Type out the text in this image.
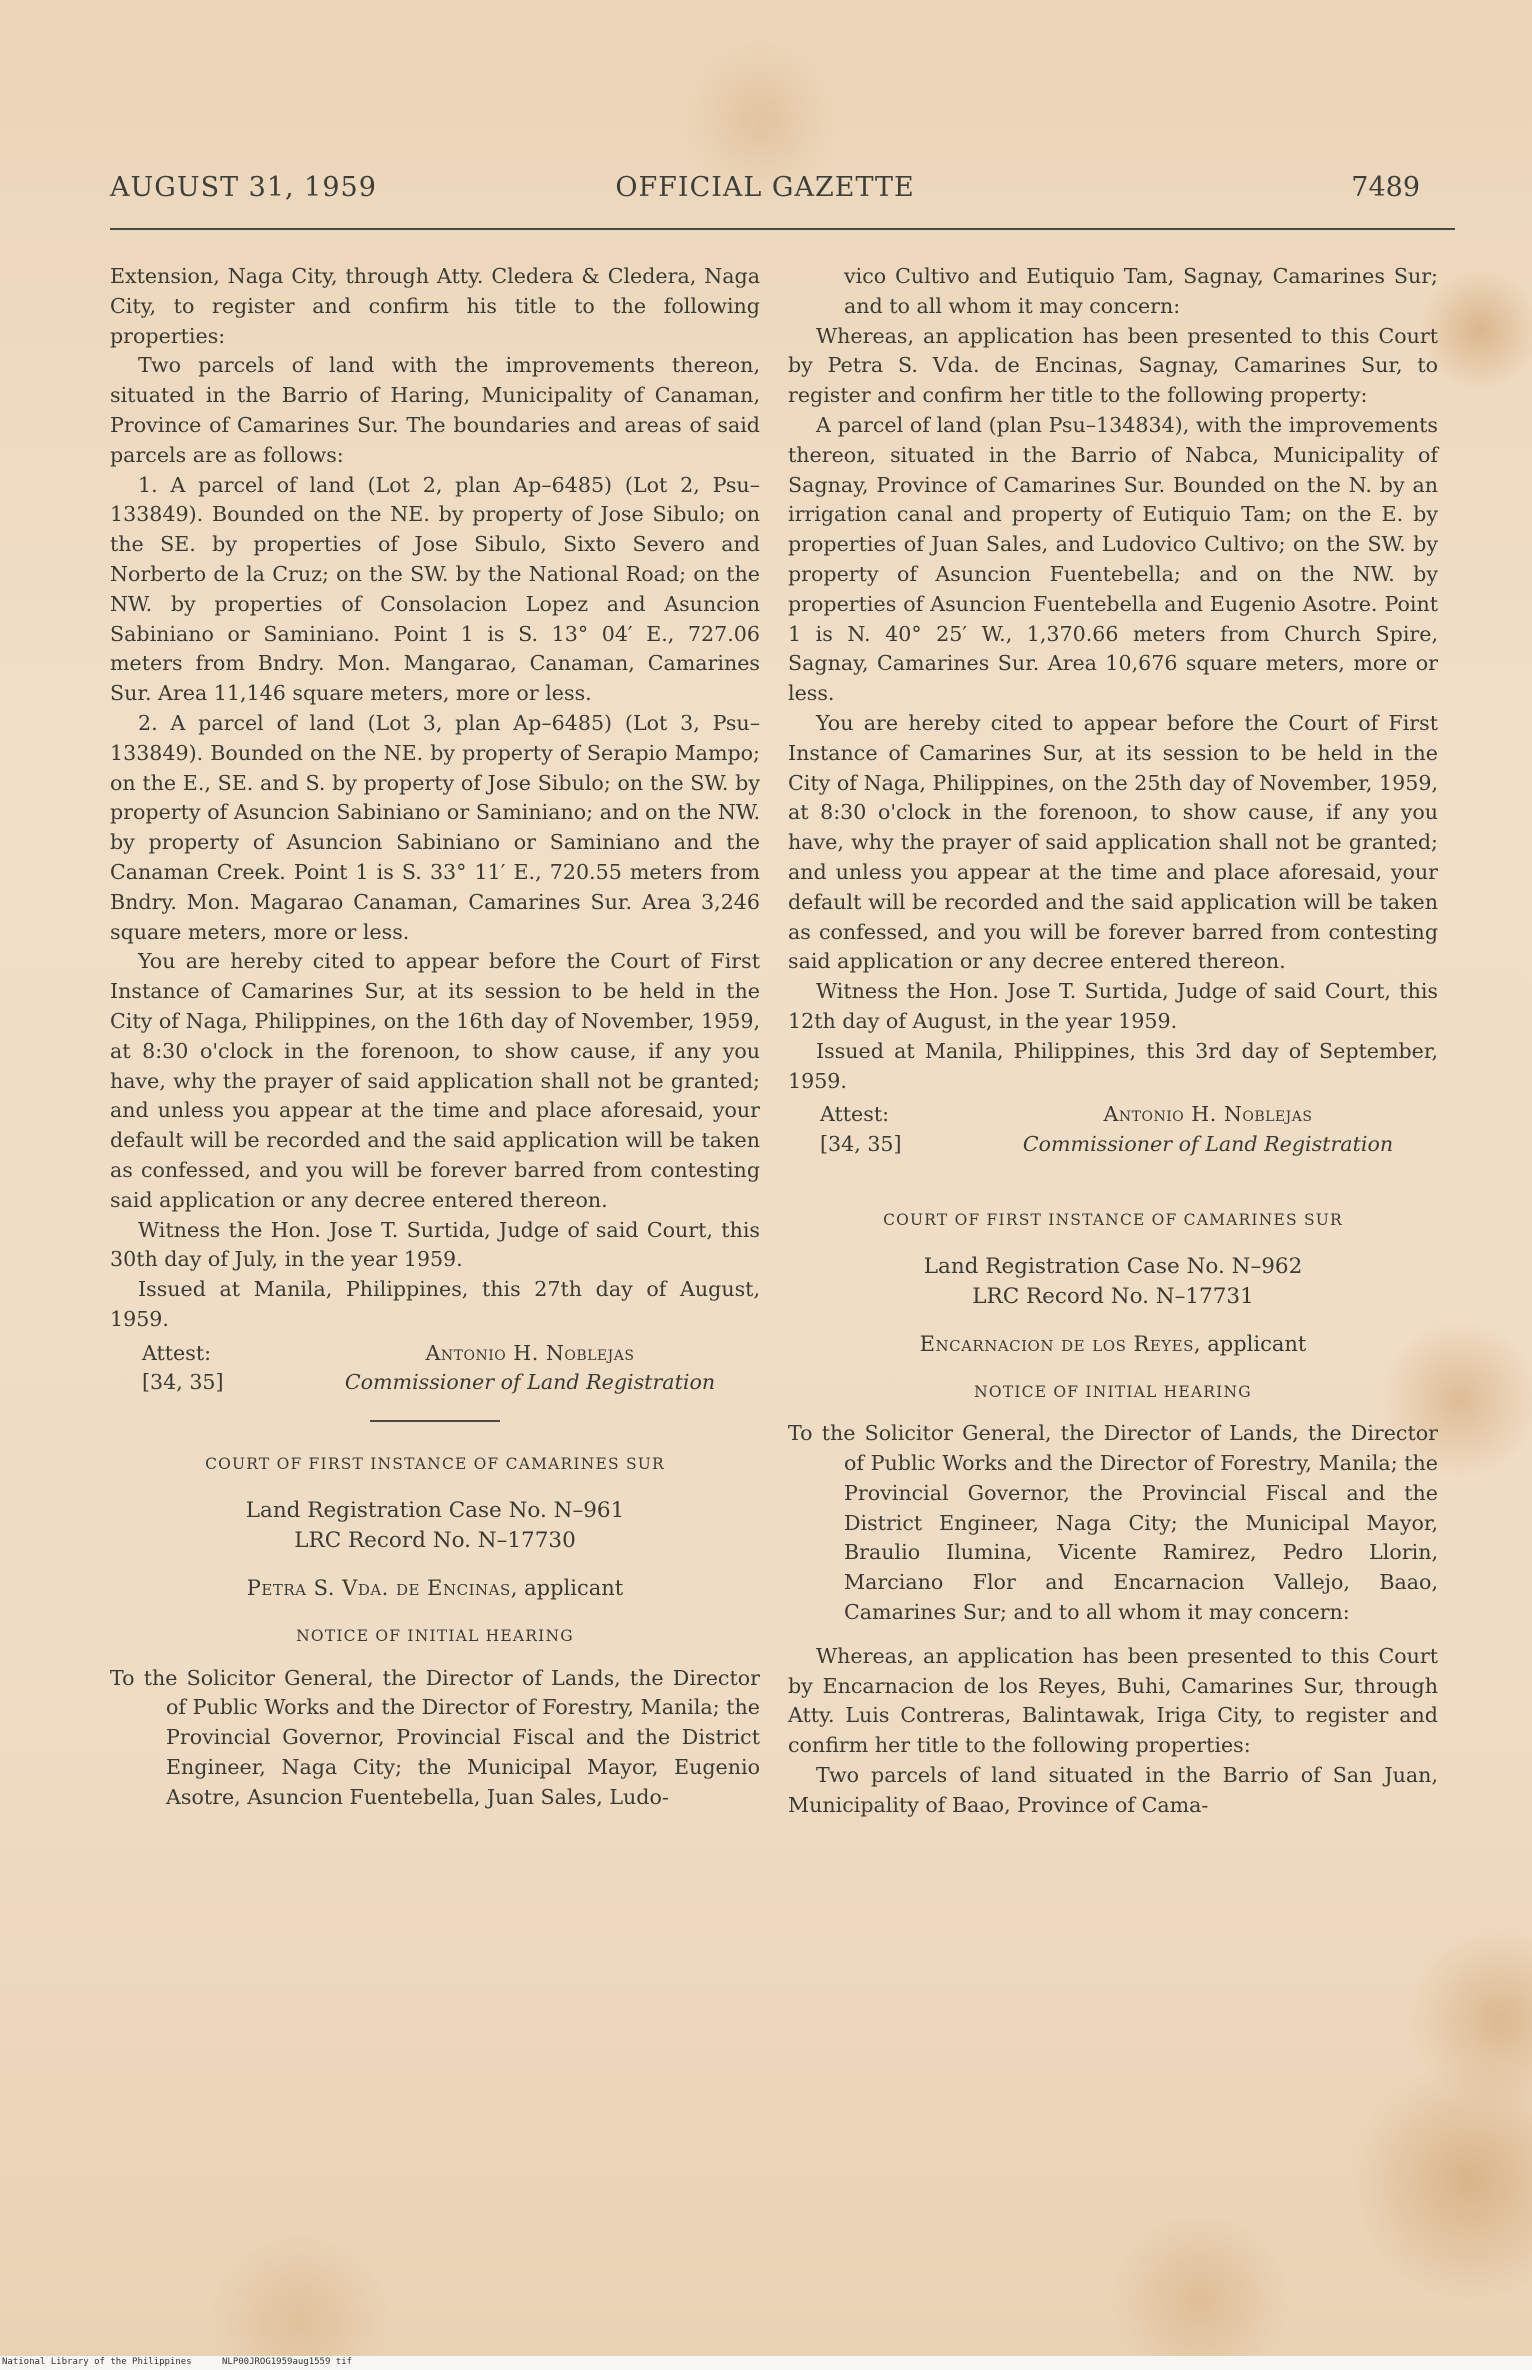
AUGUST 31, 1959	OFFICIAL GAZETTE	7489

Extension, Naga City, through Atty. Cledera & Cledera, Naga City, to register and confirm his title to the following properties:

Two parcels of land with the improvements thereon, situated in the Barrio of Haring, Municipality of Canaman, Province of Camarines Sur. The boundaries and areas of said parcels are as follows:

1. A parcel of land (Lot 2, plan Ap–6485) (Lot 2, Psu–133849). Bounded on the NE. by property of Jose Sibulo; on the SE. by properties of Jose Sibulo, Sixto Severo and Norberto de la Cruz; on the SW. by the National Road; on the NW. by properties of Consolacion Lopez and Asuncion Sabiniano or Saminiano. Point 1 is S. 13° 04′ E., 727.06 meters from Bndry. Mon. Mangarao, Canaman, Camarines Sur. Area 11,146 square meters, more or less.

2. A parcel of land (Lot 3, plan Ap–6485) (Lot 3, Psu–133849). Bounded on the NE. by property of Serapio Mampo; on the E., SE. and S. by property of Jose Sibulo; on the SW. by property of Asuncion Sabiniano or Saminiano; and on the NW. by property of Asuncion Sabiniano or Saminiano and the Canaman Creek. Point 1 is S. 33° 11′ E., 720.55 meters from Bndry. Mon. Magarao Canaman, Camarines Sur. Area 3,246 square meters, more or less.

You are hereby cited to appear before the Court of First Instance of Camarines Sur, at its session to be held in the City of Naga, Philippines, on the 16th day of November, 1959, at 8:30 o'clock in the forenoon, to show cause, if any you have, why the prayer of said application shall not be granted; and unless you appear at the time and place aforesaid, your default will be recorded and the said application will be taken as confessed, and you will be forever barred from contesting said application or any decree entered thereon.

Witness the Hon. Jose T. Surtida, Judge of said Court, this 30th day of July, in the year 1959.

Issued at Manila, Philippines, this 27th day of August, 1959.

Attest:	Antonio H. Noblejas
[34, 35]	Commissioner of Land Registration
COURT OF FIRST INSTANCE OF CAMARINES SUR
Land Registration Case No. N–961
LRC Record No. N–17730
Petra S. Vda. de Encinas, applicant
NOTICE OF INITIAL HEARING

To the Solicitor General, the Director of Lands, the Director of Public Works and the Director of Forestry, Manila; the Provincial Governor, Provincial Fiscal and the District Engineer, Naga City; the Municipal Mayor, Eugenio Asotre, Asuncion Fuentebella, Juan Sales, Ludo-

vico Cultivo and Eutiquio Tam, Sagnay, Camarines Sur; and to all whom it may concern:

Whereas, an application has been presented to this Court by Petra S. Vda. de Encinas, Sagnay, Camarines Sur, to register and confirm her title to the following property:

A parcel of land (plan Psu–134834), with the improvements thereon, situated in the Barrio of Nabca, Municipality of Sagnay, Province of Camarines Sur. Bounded on the N. by an irrigation canal and property of Eutiquio Tam; on the E. by properties of Juan Sales, and Ludovico Cultivo; on the SW. by property of Asuncion Fuentebella; and on the NW. by properties of Asuncion Fuentebella and Eugenio Asotre. Point 1 is N. 40° 25′ W., 1,370.66 meters from Church Spire, Sagnay, Camarines Sur. Area 10,676 square meters, more or less.

You are hereby cited to appear before the Court of First Instance of Camarines Sur, at its session to be held in the City of Naga, Philippines, on the 25th day of November, 1959, at 8:30 o'clock in the forenoon, to show cause, if any you have, why the prayer of said application shall not be granted; and unless you appear at the time and place aforesaid, your default will be recorded and the said application will be taken as confessed, and you will be forever barred from contesting said application or any decree entered thereon.

Witness the Hon. Jose T. Surtida, Judge of said Court, this 12th day of August, in the year 1959.

Issued at Manila, Philippines, this 3rd day of September, 1959.

Attest:	Antonio H. Noblejas
[34, 35]	Commissioner of Land Registration
COURT OF FIRST INSTANCE OF CAMARINES SUR
Land Registration Case No. N–962
LRC Record No. N–17731
Encarnacion de los Reyes, applicant
NOTICE OF INITIAL HEARING

To the Solicitor General, the Director of Lands, the Director of Public Works and the Director of Forestry, Manila; the Provincial Governor, the Provincial Fiscal and the District Engineer, Naga City; the Municipal Mayor, Braulio Ilumina, Vicente Ramirez, Pedro Llorin, Marciano Flor and Encarnacion Vallejo, Baao, Camarines Sur; and to all whom it may concern:

Whereas, an application has been presented to this Court by Encarnacion de los Reyes, Buhi, Camarines Sur, through Atty. Luis Contreras, Balintawak, Iriga City, to register and confirm her title to the following properties:

Two parcels of land situated in the Barrio of San Juan, Municipality of Baao, Province of Cama-

National Library of the Philippines	NLP00JROG1959aug1559 tif
